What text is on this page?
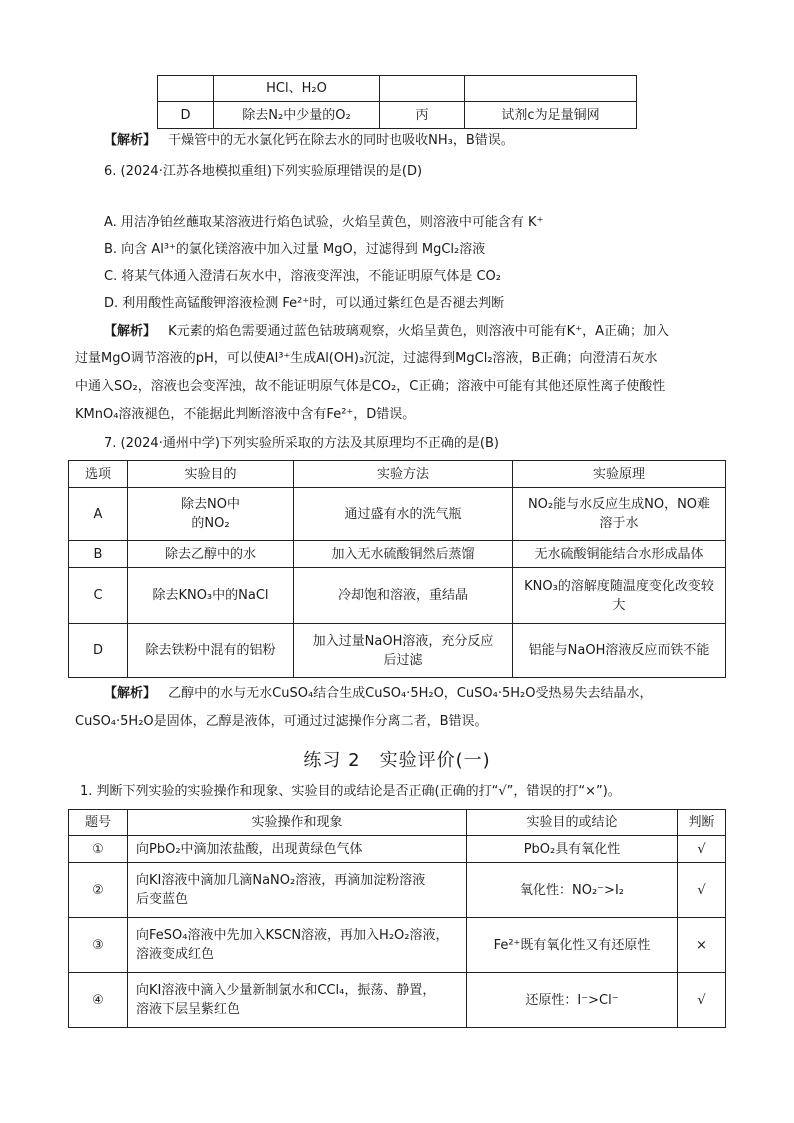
	HCl、H₂O		
D	除去N₂中少量的O₂	丙	试剂c为足量铜网
【解析】 干燥管中的无水氯化钙在除去水的同时也吸收NH₃，B错误。
6. (2024·江苏各地模拟重组)下列实验原理错误的是(D)
A. 用洁净铂丝蘸取某溶液进行焰色试验，火焰呈黄色，则溶液中可能含有 K⁺
B. 向含 Al³⁺的氯化镁溶液中加入过量 MgO，过滤得到 MgCl₂溶液
C. 将某气体通入澄清石灰水中，溶液变浑浊，不能证明原气体是 CO₂
D. 利用酸性高锰酸钾溶液检测 Fe²⁺时，可以通过紫红色是否褪去判断
【解析】 K元素的焰色需要通过蓝色钴玻璃观察，火焰呈黄色，则溶液中可能有K⁺，A正确；加入
过量MgO调节溶液的pH，可以使Al³⁺生成Al(OH)₃沉淀，过滤得到MgCl₂溶液，B正确；向澄清石灰水
中通入SO₂，溶液也会变浑浊，故不能证明原气体是CO₂，C正确；溶液中可能有其他还原性离子使酸性
KMnO₄溶液褪色，不能据此判断溶液中含有Fe²⁺，D错误。
7. (2024·通州中学)下列实验所采取的方法及其原理均不正确的是(B)
选项	实验目的	实验方法	实验原理
A	除去NO中
的NO₂	通过盛有水的洗气瓶	NO₂能与水反应生成NO，NO难
溶于水

B	除去乙醇中的水	加入无水硫酸铜然后蒸馏	无水硫酸铜能结合水形成晶体
C	除去KNO₃中的NaCl	冷却饱和溶液，重结晶	KNO₃的溶解度随温度变化改变较
大

D	除去铁粉中混有的铝粉	加入过量NaOH溶液，充分反应
后过滤	铝能与NaOH溶液反应而铁不能
【解析】 乙醇中的水与无水CuSO₄结合生成CuSO₄·5H₂O，CuSO₄·5H₂O受热易失去结晶水，
CuSO₄·5H₂O是固体，乙醇是液体，可通过过滤操作分离二者，B错误。
练习 2　实验评价(一)
1. 判断下列实验的实验操作和现象、实验目的或结论是否正确(正确的打“√”，错误的打“×”)。
题号	实验操作和现象	实验目的或结论	判断
①	向PbO₂中滴加浓盐酸，出现黄绿色气体	PbO₂具有氧化性	√
②	向KI溶液中滴加几滴NaNO₂溶液，再滴加淀粉溶液
后变蓝色	氧化性：NO₂⁻>I₂	√
③	向FeSO₄溶液中先加入KSCN溶液，再加入H₂O₂溶液，
溶液变成红色	Fe²⁺既有氧化性又有还原性	×
④	向KI溶液中滴入少量新制氯水和CCl₄，振荡、静置，
溶液下层呈紫红色	还原性：I⁻>Cl⁻	√
